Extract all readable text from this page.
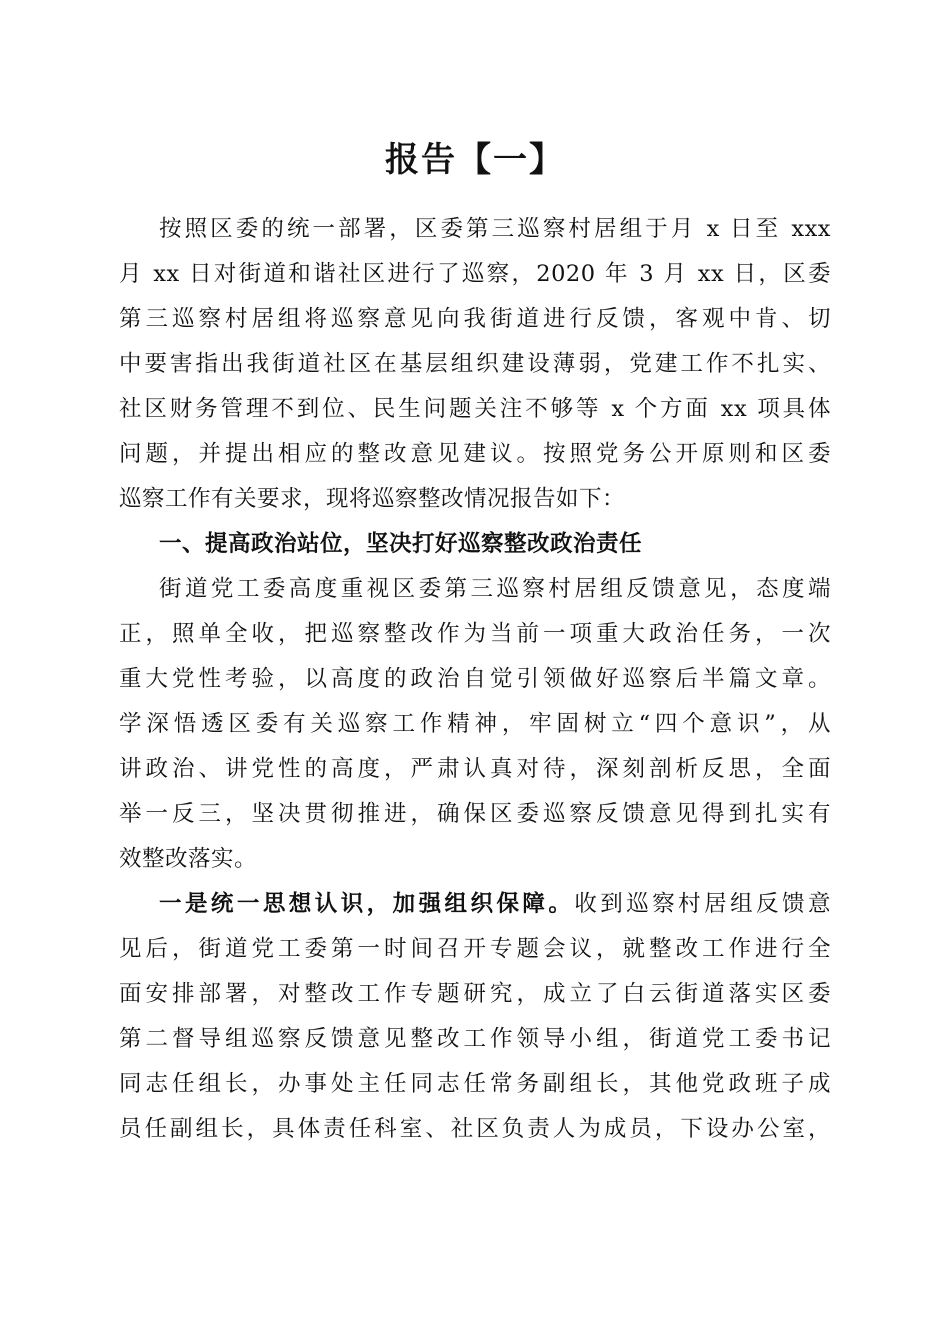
报告【一】
按照区委的统一部署，区委第三巡察村居组于月 x 日至 xxx
月 xx 日对街道和谐社区进行了巡察，2020 年 3 月 xx 日，区委
第三巡察村居组将巡察意见向我街道进行反馈，客观中肯、切
中要害指出我街道社区在基层组织建设薄弱，党建工作不扎实、
社区财务管理不到位、民生问题关注不够等 x 个方面 xx 项具体
问题，并提出相应的整改意见建议。按照党务公开原则和区委
巡察工作有关要求，现将巡察整改情况报告如下：
一、提高政治站位，坚决打好巡察整改政治责任
街道党工委高度重视区委第三巡察村居组反馈意见，态度端
正，照单全收，把巡察整改作为当前一项重大政治任务，一次
重大党性考验，以高度的政治自觉引领做好巡察后半篇文章。
学深悟透区委有关巡察工作精神，牢固树立“四个意识”，从
讲政治、讲党性的高度，严肃认真对待，深刻剖析反思，全面
举一反三，坚决贯彻推进，确保区委巡察反馈意见得到扎实有
效整改落实。
一是统一思想认识，加强组织保障。收到巡察村居组反馈意
见后，街道党工委第一时间召开专题会议，就整改工作进行全
面安排部署，对整改工作专题研究，成立了白云街道落实区委
第二督导组巡察反馈意见整改工作领导小组，街道党工委书记
同志任组长，办事处主任同志任常务副组长，其他党政班子成
员任副组长，具体责任科室、社区负责人为成员，下设办公室，
